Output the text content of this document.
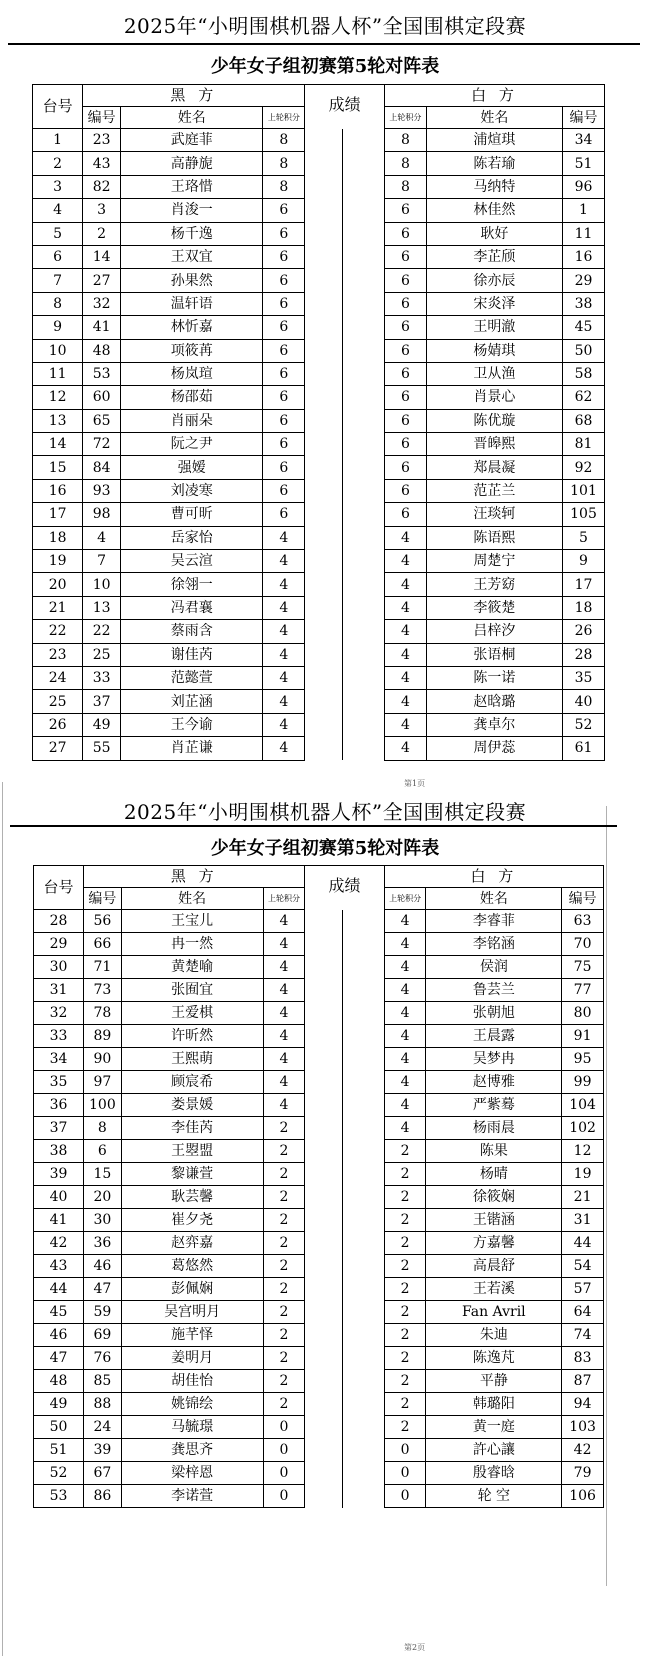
2025年“小明围棋机器人杯”全国围棋定段赛
少年女子组初赛第5轮对阵表
台号	黑 方			成绩		白 方		
	编号	姓名	上轮积分			上轮积分	姓名	编号
1	23	武庭菲	8			8	浦煊琪	34
2	43	高静旎	8			8	陈若瑜	51
3	82	王珞惜	8			8	马纳特	96
4	3	肖浚一	6			6	林佳然	1
5	2	杨千逸	6			6	耿好	11
6	14	王双宜	6			6	李芷颀	16
7	27	孙果然	6			6	徐亦辰	29
8	32	温轩语	6			6	宋炎泽	38
9	41	林忻嘉	6			6	王明澈	45
10	48	项筱苒	6			6	杨婧琪	50
11	53	杨岚瑄	6			6	卫从渔	58
12	60	杨邵茹	6			6	肖景心	62
13	65	肖丽朵	6			6	陈优璇	68
14	72	阮之尹	6			6	晋皞熙	81
15	84	强嫒	6			6	郑晨凝	92
16	93	刘凌寒	6			6	范芷兰	101
17	98	曹可昕	6			6	汪琰轲	105
18	4	岳家怡	4			4	陈语熙	5
19	7	吴云渲	4			4	周楚宁	9
20	10	徐翎一	4			4	王芳窈	17
21	13	冯君襄	4			4	李筱楚	18
22	22	蔡雨含	4			4	吕梓汐	26
23	25	谢佳芮	4			4	张语桐	28
24	33	范懿萱	4			4	陈一诺	35
25	37	刘芷涵	4			4	赵晗璐	40
26	49	王今谕	4			4	龚卓尔	52
27	55	肖芷谦	4			4	周伊蕊	61
第1页
2025年“小明围棋机器人杯”全国围棋定段赛
少年女子组初赛第5轮对阵表
台号	黑 方			成绩		白 方		
	编号	姓名	上轮积分			上轮积分	姓名	编号
28	56	王宝儿	4			4	李睿菲	63
29	66	冉一然	4			4	李铭涵	70
30	71	黄楚喻	4			4	侯润	75
31	73	张囿宜	4			4	鲁芸兰	77
32	78	王爱棋	4			4	张朝旭	80
33	89	许昕然	4			4	王晨露	91
34	90	王熙萌	4			4	吴梦冉	95
35	97	顾宸希	4			4	赵博雅	99
36	100	娄景媛	4			4	严紫蓦	104
37	8	李佳芮	2			4	杨雨晨	102
38	6	王曌盟	2			2	陈果	12
39	15	黎谦萱	2			2	杨晴	19
40	20	耿芸馨	2			2	徐筱娴	21
41	30	崔夕尧	2			2	王锴涵	31
42	36	赵弈嘉	2			2	方嘉馨	44
43	46	葛悠然	2			2	高晨舒	54
44	47	彭佩娴	2			2	王若溪	57
45	59	吴宫明月	2			2	Fan Avril	64
46	69	施芊怿	2			2	朱迪	74
47	76	姜明月	2			2	陈逸芃	83
48	85	胡佳怡	2			2	平静	87
49	88	姚锦绘	2			2	韩璐阳	94
50	24	马毓璟	0			2	黄一庭	103
51	39	龚思齐	0			0	許心讓	42
52	67	梁梓恩	0			0	殷睿晗	79
53	86	李诺萱	0			0	轮 空	106
第2页
